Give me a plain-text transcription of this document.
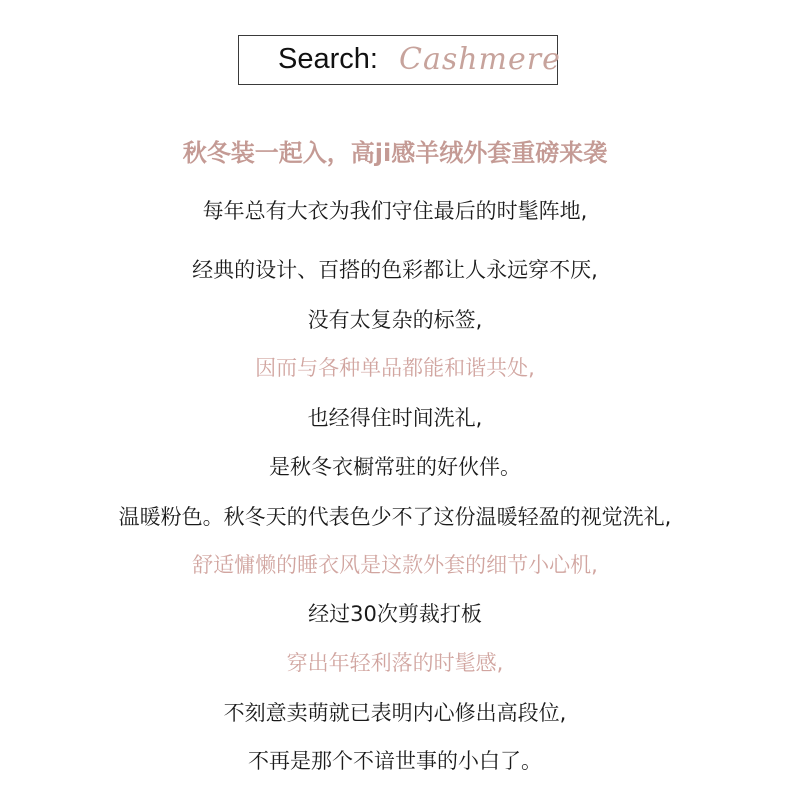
Search: Cashmere
秋冬装一起入，高ji感羊绒外套重磅来袭
每年总有大衣为我们守住最后的时髦阵地,
经典的设计、百搭的色彩都让人永远穿不厌,
没有太复杂的标签,
因而与各种单品都能和谐共处,
也经得住时间洗礼,
是秋冬衣橱常驻的好伙伴。
温暖粉色。秋冬天的代表色少不了这份温暖轻盈的视觉洗礼,
舒适慵懒的睡衣风是这款外套的细节小心机,
经过30次剪裁打板
穿出年轻利落的时髦感,
不刻意卖萌就已表明内心修出高段位,
不再是那个不谙世事的小白了。
